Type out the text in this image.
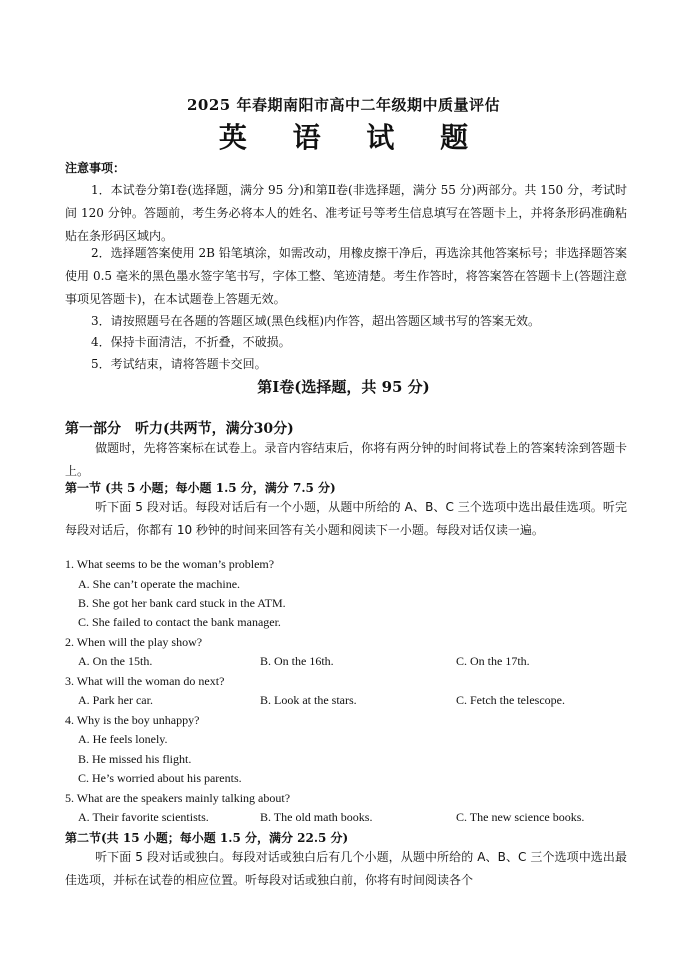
2025 年春期南阳市高中二年级期中质量评估
英 语 试 题
注意事项：

1．本试卷分第Ⅰ卷(选择题，满分 95 分)和第Ⅱ卷(非选择题，满分 55 分)两部分。共 150 分，考试时间 120 分钟。答题前，考生务必将本人的姓名、准考证号等考生信息填写在答题卡上，并将条形码准确粘贴在条形码区域内。

2．选择题答案使用 2B 铅笔填涂，如需改动，用橡皮擦干净后，再选涂其他答案标号；非选择题答案使用 0.5 毫米的黑色墨水签字笔书写，字体工整、笔迹清楚。考生作答时，将答案答在答题卡上(答题注意事项见答题卡)，在本试题卷上答题无效。

3．请按照题号在各题的答题区域(黑色线框)内作答，超出答题区域书写的答案无效。

4．保持卡面清洁，不折叠，不破损。

5．考试结束，请将答题卡交回。

第Ⅰ卷(选择题，共 95 分)
第一部分　听力(共两节，满分30分)

做题时，先将答案标在试卷上。录音内容结束后，你将有两分钟的时间将试卷上的答案转涂到答题卡上。

第一节 (共 5 小题；每小题 1.5 分，满分 7.5 分)

听下面 5 段对话。每段对话后有一个小题，从题中所给的 A、B、C 三个选项中选出最佳选项。听完每段对话后，你都有 10 秒钟的时间来回答有关小题和阅读下一小题。每段对话仅读一遍。

1. What seems to be the woman’s problem?
A. She can’t operate the machine.
B. She got her bank card stuck in the ATM.
C. She failed to contact the bank manager.
2. When will the play show?
A. On the 15th.	B. On the 16th.	C. On the 17th.
3. What will the woman do next?
A. Park her car.	B. Look at the stars.	C. Fetch the telescope.
4. Why is the boy unhappy?
A. He feels lonely.
B. He missed his flight.
C. He’s worried about his parents.
5. What are the speakers mainly talking about?
A. Their favorite scientists.	B. The old math books.	C. The new science books.
第二节(共 15 小题；每小题 1.5 分，满分 22.5 分)

听下面 5 段对话或独白。每段对话或独白后有几个小题，从题中所给的 A、B、C 三个选项中选出最佳选项，并标在试卷的相应位置。听每段对话或独白前，你将有时间阅读各个
